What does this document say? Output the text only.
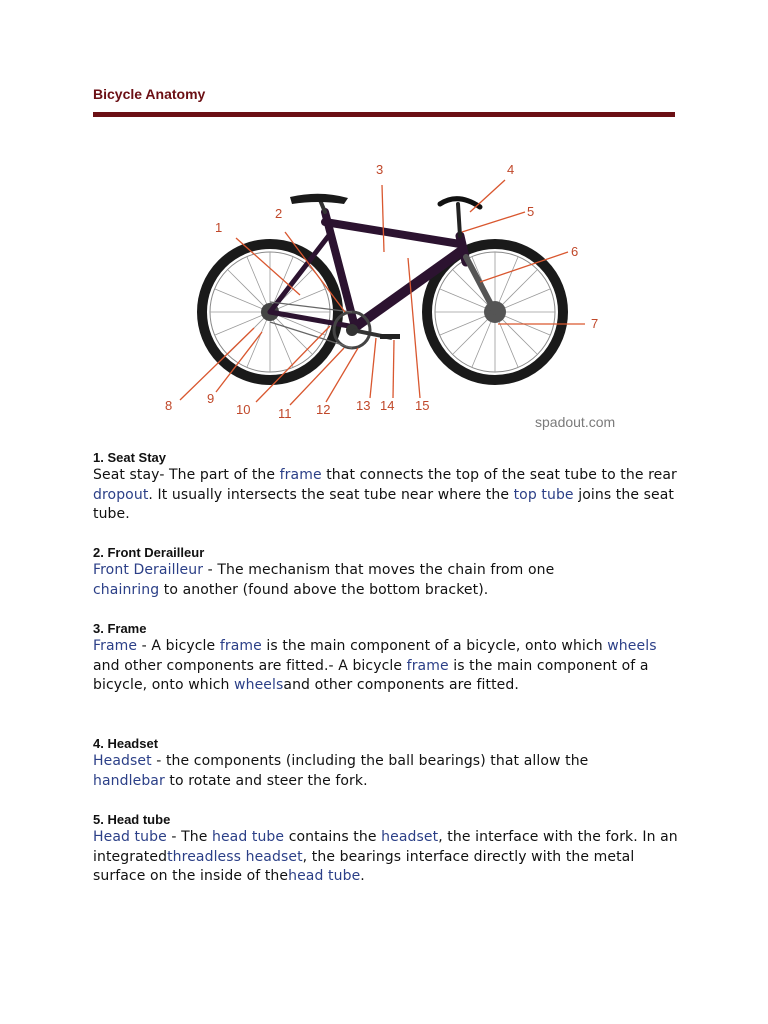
Bicycle Anatomy
1
2
3	4
5
6
7
8	9
10 11 12 13 14 15
spadout.com
1. Seat Stay

Seat stay- The part of the frame that connects the top of the seat tube to the rear dropout. It usually intersects the seat tube near where the top tube joins the seat tube.

2. Front Derailleur

Front Derailleur - The mechanism that moves the chain from one chainring to another (found above the bottom bracket).

3. Frame

Frame - A bicycle frame is the main component of a bicycle, onto which wheels and other components are fitted.- A bicycle frame is the main component of a bicycle, onto which wheelsand other components are fitted.

4. Headset

Headset - the components (including the ball bearings) that allow the handlebar to rotate and steer the fork.

5. Head tube

Head tube - The head tube contains the headset, the interface with the fork. In an integratedthreadless headset, the bearings interface directly with the metal surface on the inside of thehead tube.
